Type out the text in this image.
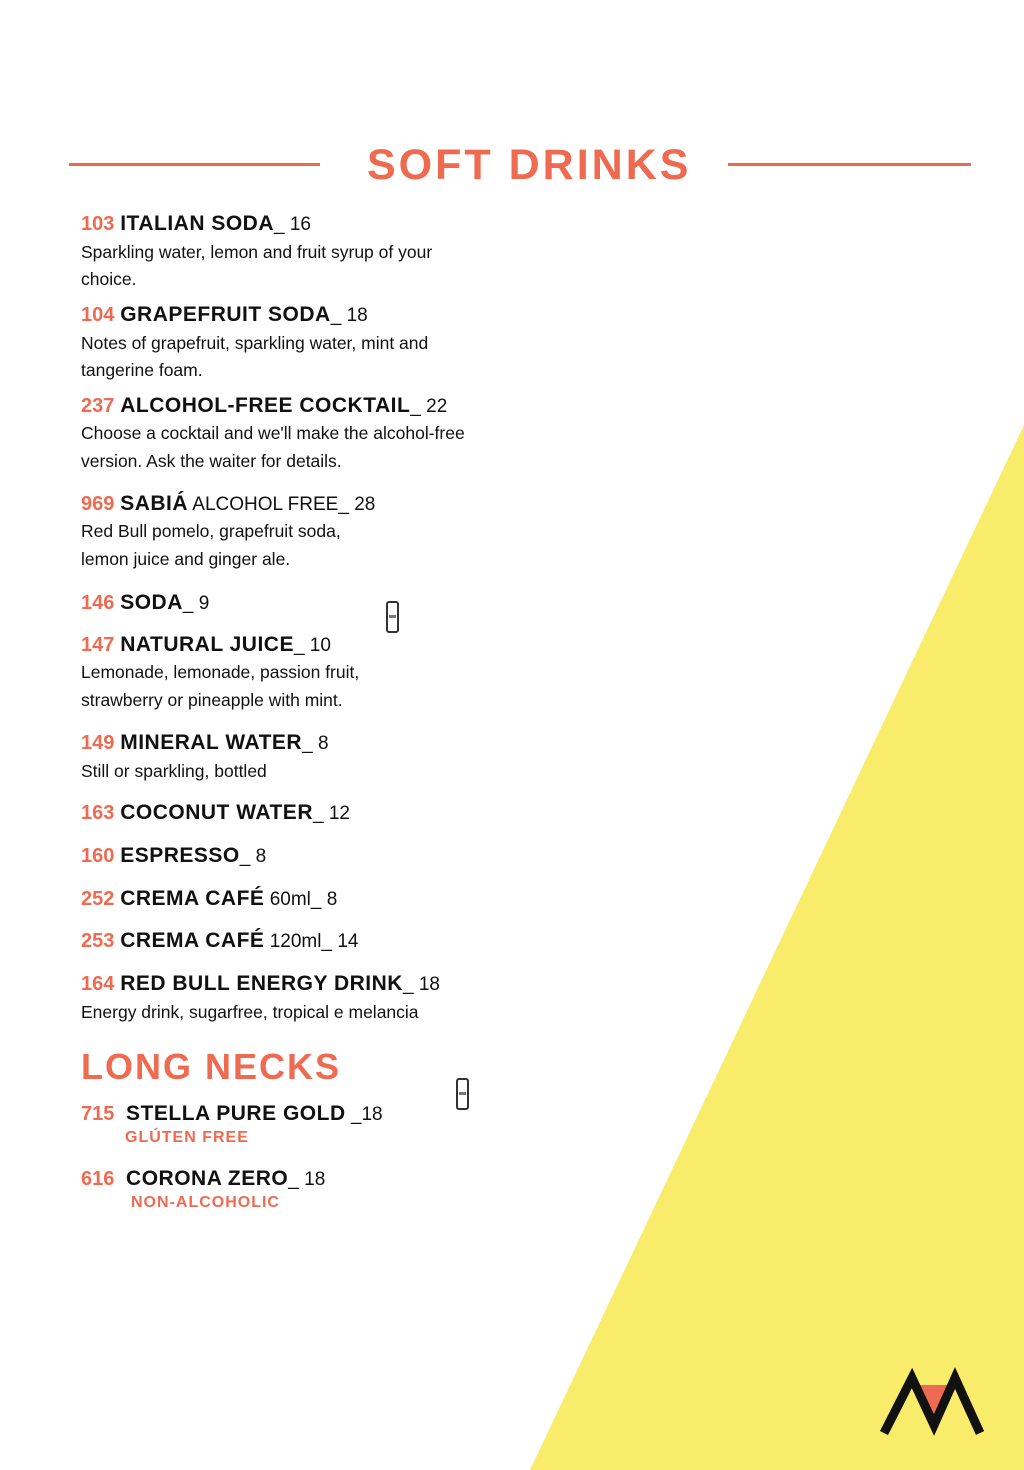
SOFT DRINKS
103 ITALIAN SODA_ 16
Sparkling water, lemon and fruit syrup of your
choice.
104 GRAPEFRUIT SODA_ 18
Notes of grapefruit, sparkling water, mint and
tangerine foam.
237 ALCOHOL-FREE COCKTAIL_ 22
Choose a cocktail and we'll make the alcohol-free
version. Ask the waiter for details.
969 SABIÁ ALCOHOL FREE_ 28
Red Bull pomelo, grapefruit soda,
lemon juice and ginger ale.
146 SODA_ 9
147 NATURAL JUICE_ 10
Lemonade, lemonade, passion fruit,
strawberry or pineapple with mint.
149 MINERAL WATER_ 8
Still or sparkling, bottled
163 COCONUT WATER_ 12
160 ESPRESSO_ 8
252 CREMA CAFÉ 60ml_ 8
253 CREMA CAFÉ 120ml_ 14
164 RED BULL ENERGY DRINK_ 18
Energy drink, sugarfree, tropical e melancia
LONG NECKS
715 STELLA PURE GOLD _18
GLÚTEN FREE
616 CORONA ZERO_ 18
NON-ALCOHOLIC
